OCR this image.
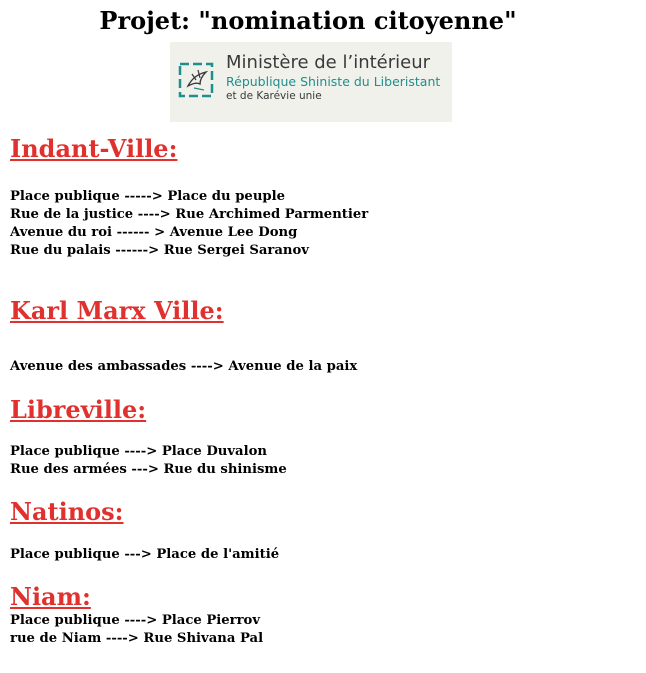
Projet: "nomination citoyenne"
Ministère de l’intérieur
République Shiniste du Liberistant
et de Karévie unie
Indant-Ville:
Place publique -----> Place du peuple
Rue de la justice ----> Rue Archimed Parmentier
Avenue du roi ------ > Avenue Lee Dong
Rue du palais ------> Rue Sergei Saranov
Karl Marx Ville:
Avenue des ambassades ----> Avenue de la paix
Libreville:
Place publique ----> Place Duvalon
Rue des armées ---> Rue du shinisme
Natinos:
Place publique ---> Place de l'amitié
Niam:
Place publique ----> Place Pierrov
rue de Niam ----> Rue Shivana Pal
